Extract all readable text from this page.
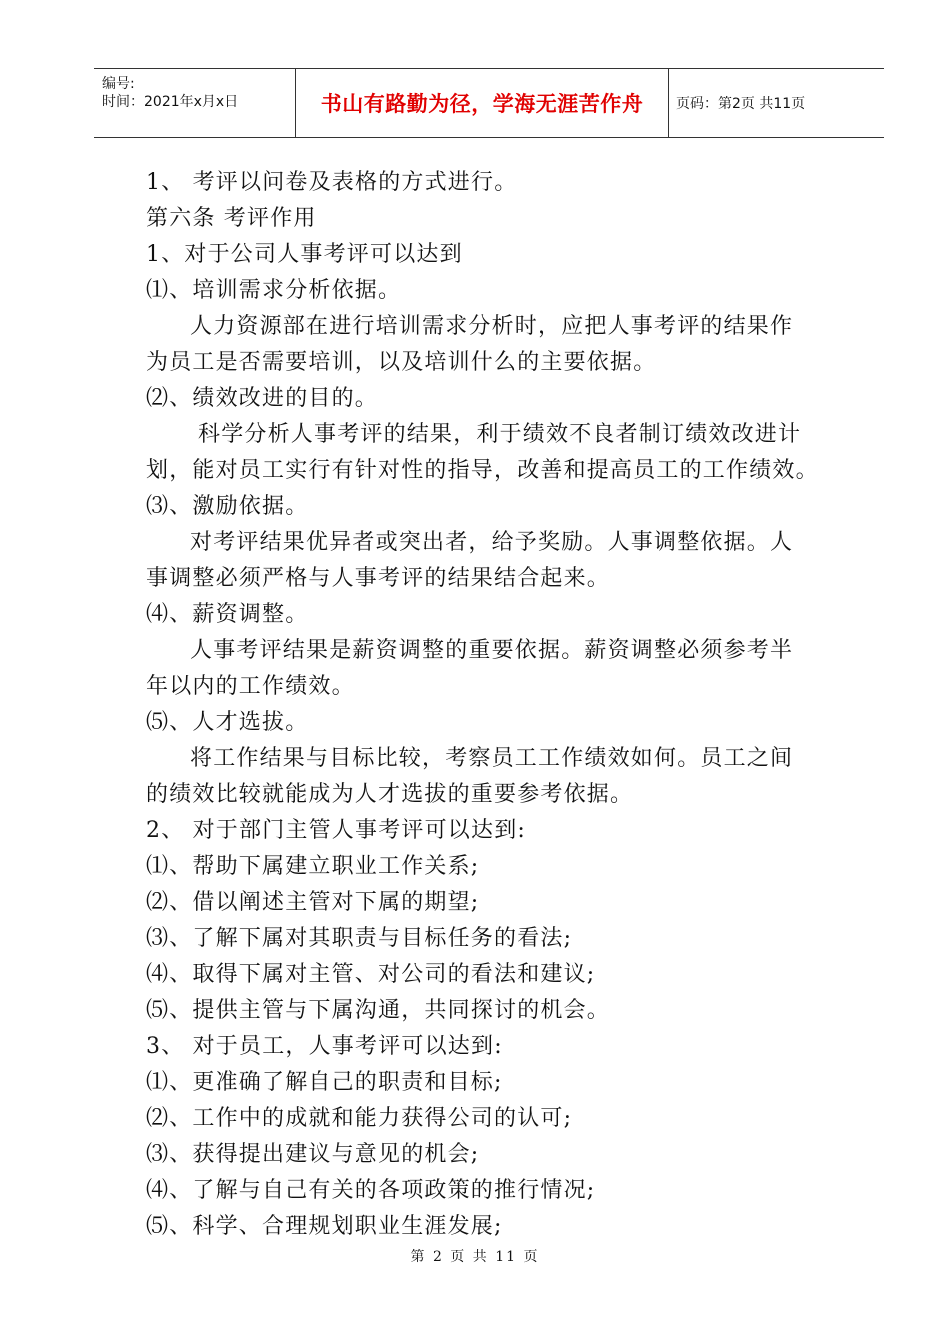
编号:
时间：2021年x月x日	书山有路勤为径，学海无涯苦作舟	页码：第2页 共11页
1、 考评以问卷及表格的方式进行。
第六条 考评作用
1、对于公司人事考评可以达到
⑴、培训需求分析依据。
人力资源部在进行培训需求分析时，应把人事考评的结果作
为员工是否需要培训，以及培训什么的主要依据。
⑵、绩效改进的目的。
科学分析人事考评的结果，利于绩效不良者制订绩效改进计
划，能对员工实行有针对性的指导，改善和提高员工的工作绩效。
⑶、激励依据。
对考评结果优异者或突出者，给予奖励。人事调整依据。人
事调整必须严格与人事考评的结果结合起来。
⑷、薪资调整。
人事考评结果是薪资调整的重要依据。薪资调整必须参考半
年以内的工作绩效。
⑸、人才选拔。
将工作结果与目标比较，考察员工工作绩效如何。员工之间
的绩效比较就能成为人才选拔的重要参考依据。
2、 对于部门主管人事考评可以达到:
⑴、帮助下属建立职业工作关系;
⑵、借以阐述主管对下属的期望;
⑶、了解下属对其职责与目标任务的看法;
⑷、取得下属对主管、对公司的看法和建议;
⑸、提供主管与下属沟通，共同探讨的机会。
3、 对于员工，人事考评可以达到:
⑴、更准确了解自己的职责和目标;
⑵、工作中的成就和能力获得公司的认可;
⑶、获得提出建议与意见的机会;
⑷、了解与自己有关的各项政策的推行情况;
⑸、科学、合理规划职业生涯发展;
第 2 页 共 11 页
